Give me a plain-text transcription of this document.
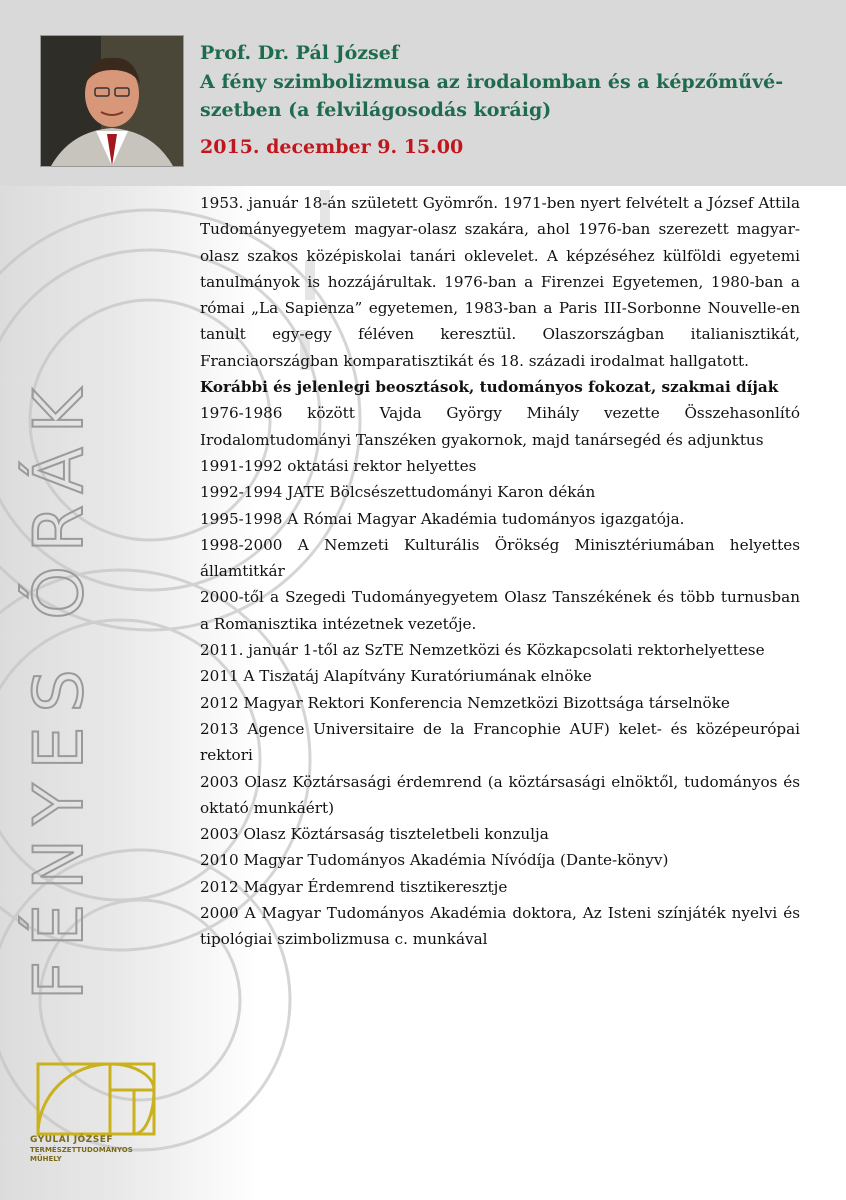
Prof. Dr. Pál József

A fény szimbolizmusa az irodalomban és a képzőművé-szetben (a felvilágosodás koráig)

2015. december 9. 15.00

FÉNYES ÓRÁK

1953. január 18-án született Gyömrőn. 1971-ben nyert felvételt a József Attila Tudományegyetem magyar-olasz szakára, ahol 1976-ban szerezett magyar-olasz szakos középiskolai tanári oklevelet. A képzéséhez külföldi egyetemi tanulmányok is hozzájárultak. 1976-ban a Firenzei Egyetemen, 1980-ban a római „La Sapienza” egyetemen, 1983-ban a Paris III-Sorbonne Nouvelle-en tanult egy-egy féléven keresztül. Olaszországban italianisztikát, Franciaországban komparatisztikát és 18. századi irodalmat hallgatott.

Korábbi és jelenlegi beosztások, tudományos fokozat, szakmai díjak

1976-1986 között Vajda György Mihály vezette Összehasonlító Irodalomtudományi Tanszéken gyakornok, majd tanársegéd és adjunktus

1991-1992 oktatási rektor helyettes

1992-1994 JATE Bölcsészettudományi Karon dékán

1995-1998 A Római Magyar Akadémia tudományos igazgatója.

1998-2000 A Nemzeti Kulturális Örökség Minisztériumában helyettes államtitkár

2000-től a Szegedi Tudományegyetem Olasz Tanszékének és több turnusban a Romanisztika intézetnek vezetője.

2011. január 1-től az SzTE Nemzetközi és Közkapcsolati rektorhelyettese

2011 A Tiszatáj Alapítvány Kuratóriumának elnöke

2012 Magyar Rektori Konferencia Nemzetközi Bizottsága társelnöke

2013 Agence Universitaire de la Francophie AUF) kelet- és középeurópai rektori

2003 Olasz Köztársasági érdemrend (a köztársasági elnöktől, tudományos és oktató munkáért)

2003 Olasz Köztársaság tiszteletbeli konzulja

2010 Magyar Tudományos Akadémia Nívódíja (Dante-könyv)

2012 Magyar Érdemrend tisztikeresztje

2000 A Magyar Tudományos Akadémia doktora, Az Isteni színjáték nyelvi és tipológiai szimbolizmusa c. munkával

GYULAI JÓZSEF
TERMÉSZETTUDOMÁNYOS
MŰHELY
